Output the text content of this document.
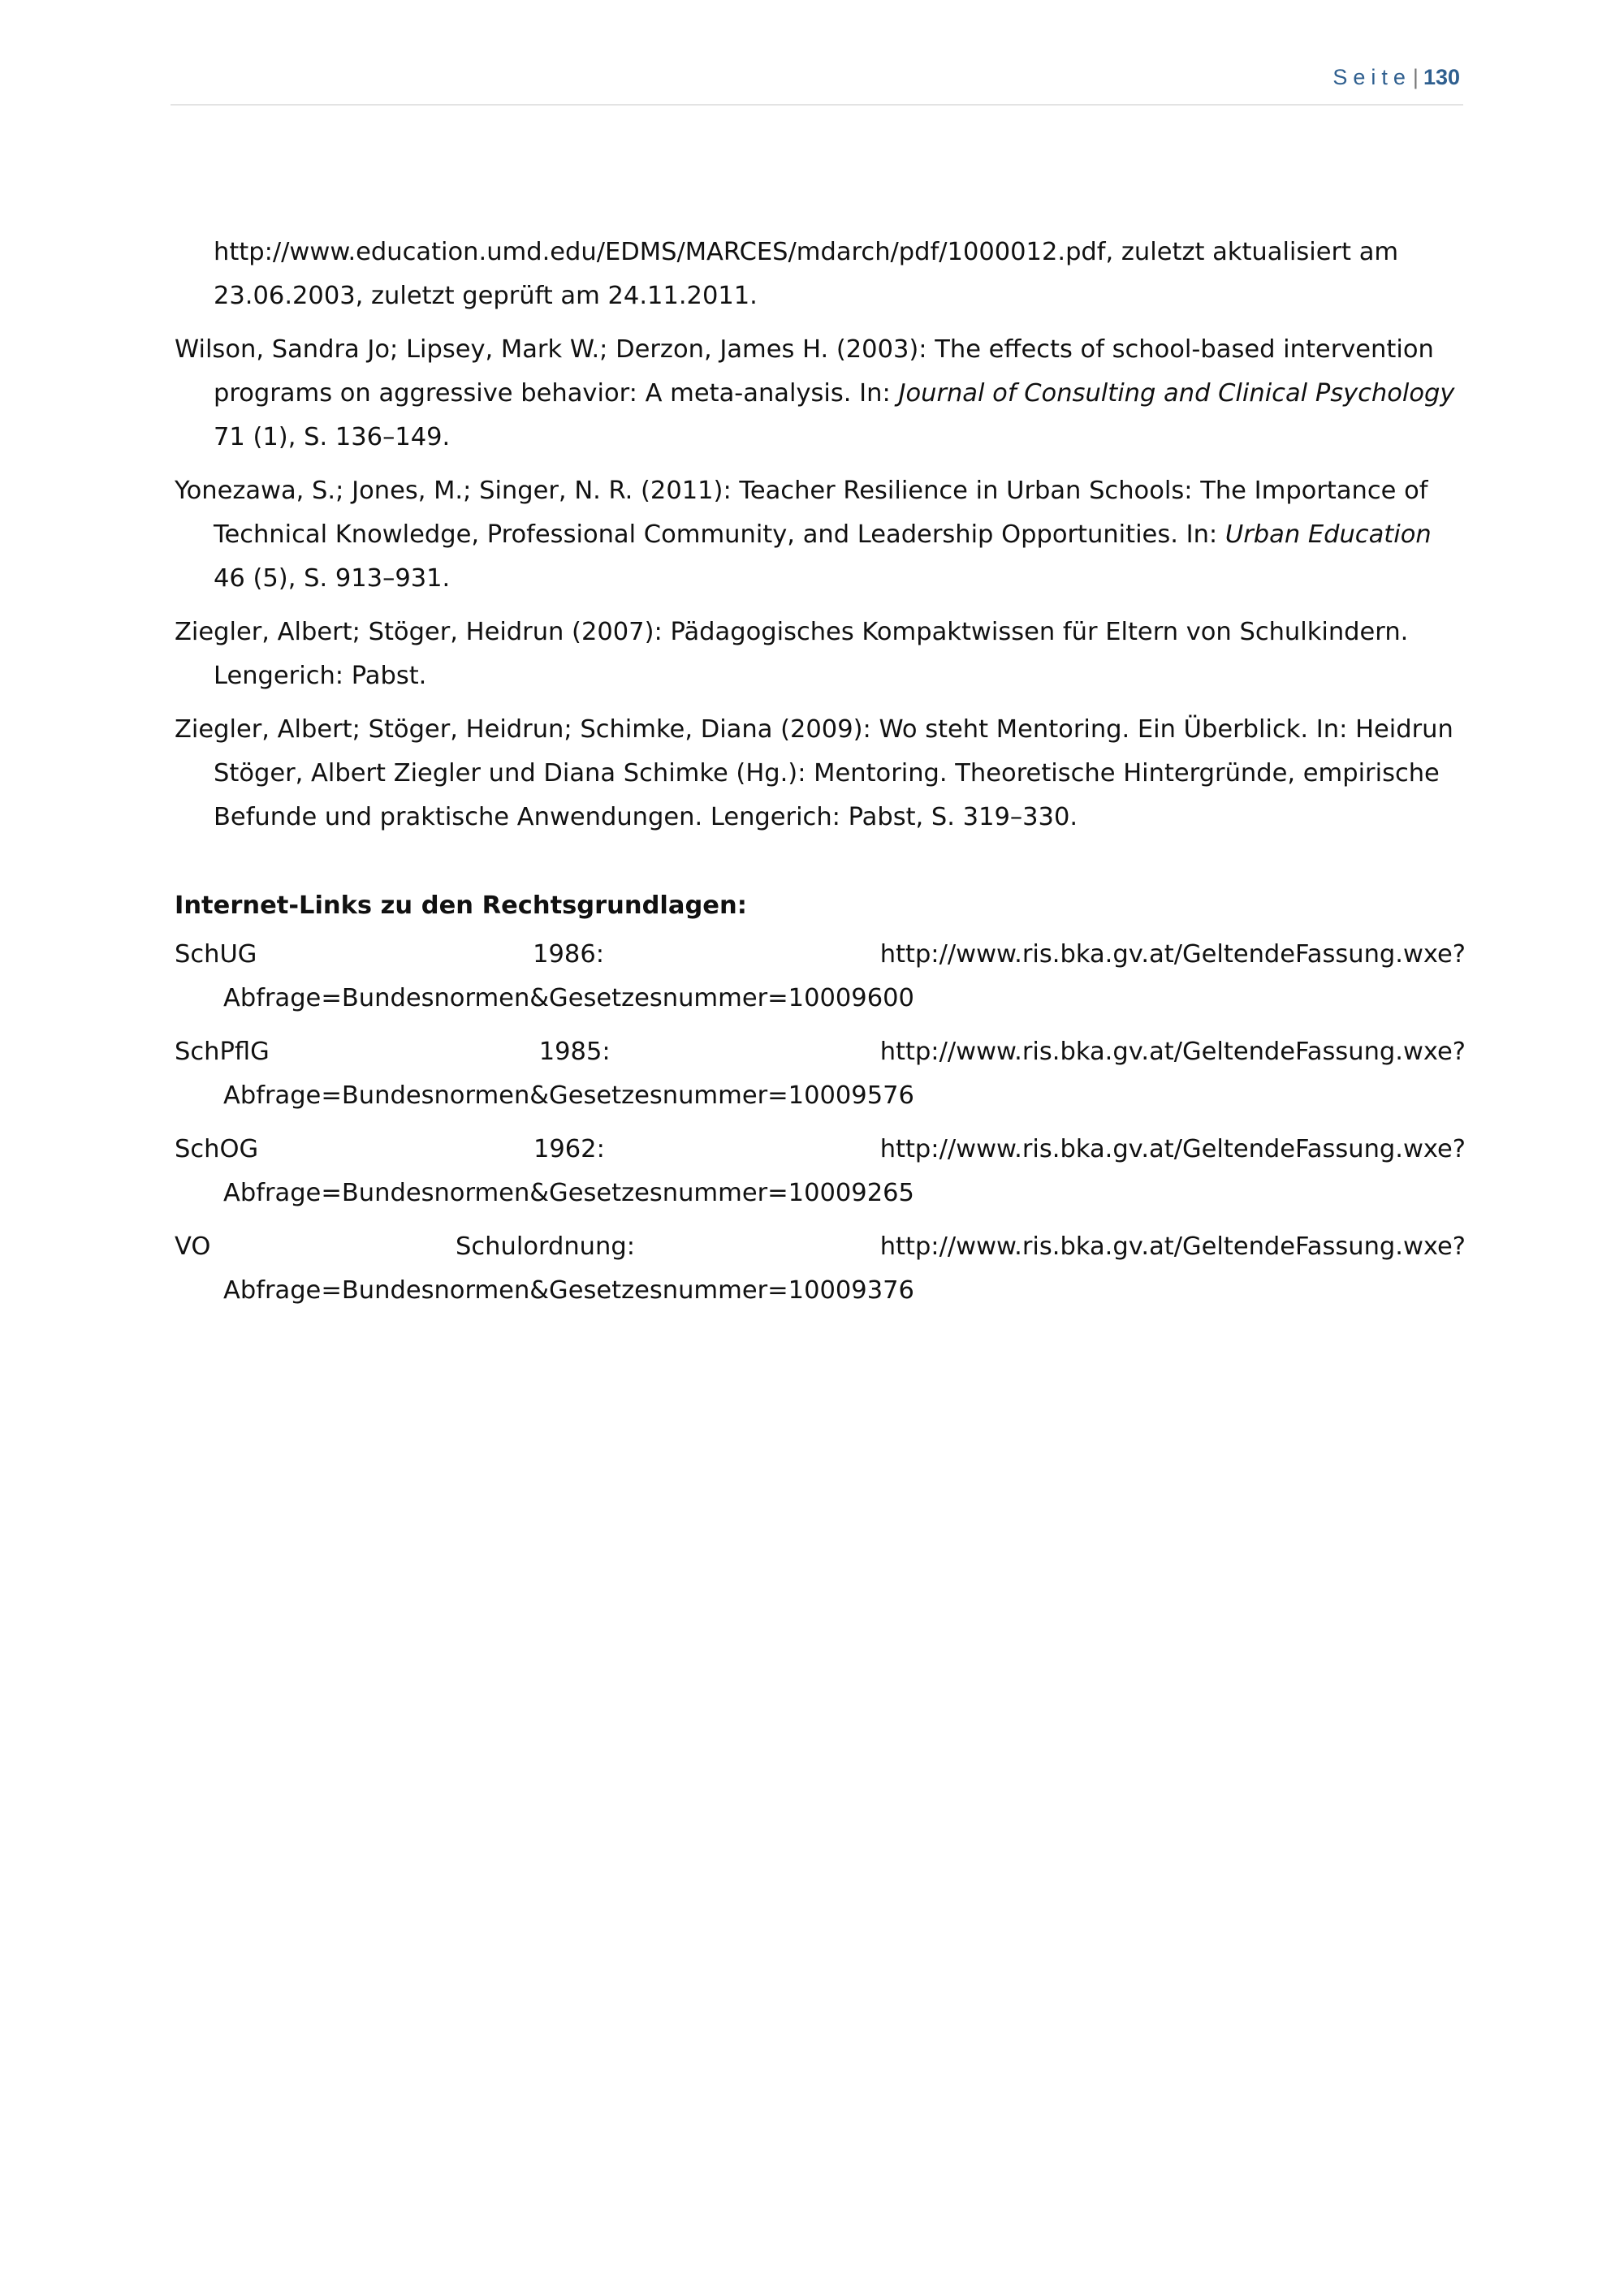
Seite| 130

http://www.education.umd.edu/EDMS/MARCES/mdarch/pdf/1000012.pdf, zuletzt aktualisiert am 23.06.2003, zuletzt geprüft am 24.11.2011.

Wilson, Sandra Jo; Lipsey, Mark W.; Derzon, James H. (2003): The effects of school-based intervention programs on aggressive behavior: A meta-analysis. In: Journal of Consulting and Clinical Psychology 71 (1), S. 136–149.

Yonezawa, S.; Jones, M.; Singer, N. R. (2011): Teacher Resilience in Urban Schools: The Importance of Technical Knowledge, Professional Community, and Leadership Opportunities. In: Urban Education 46 (5), S. 913–931.

Ziegler, Albert; Stöger, Heidrun (2007): Pädagogisches Kompaktwissen für Eltern von Schulkindern. Lengerich: Pabst.

Ziegler, Albert; Stöger, Heidrun; Schimke, Diana (2009): Wo steht Mentoring. Ein Überblick. In: Heidrun Stöger, Albert Ziegler und Diana Schimke (Hg.): Mentoring. Theoretische Hintergründe, empirische Befunde und praktische Anwendungen. Lengerich: Pabst, S. 319–330.

Internet-Links zu den Rechtsgrundlagen:

SchUG 1986:	http://www.ris.bka.gv.at/GeltendeFassung.wxe?Abfrage=Bundesnormen&Gesetzesnummer=10009600

SchPflG 1985:	http://www.ris.bka.gv.at/GeltendeFassung.wxe?Abfrage=Bundesnormen&Gesetzesnummer=10009576

SchOG 1962:	http://www.ris.bka.gv.at/GeltendeFassung.wxe?Abfrage=Bundesnormen&Gesetzesnummer=10009265

VO Schulordnung:	http://www.ris.bka.gv.at/GeltendeFassung.wxe?Abfrage=Bundesnormen&Gesetzesnummer=10009376
